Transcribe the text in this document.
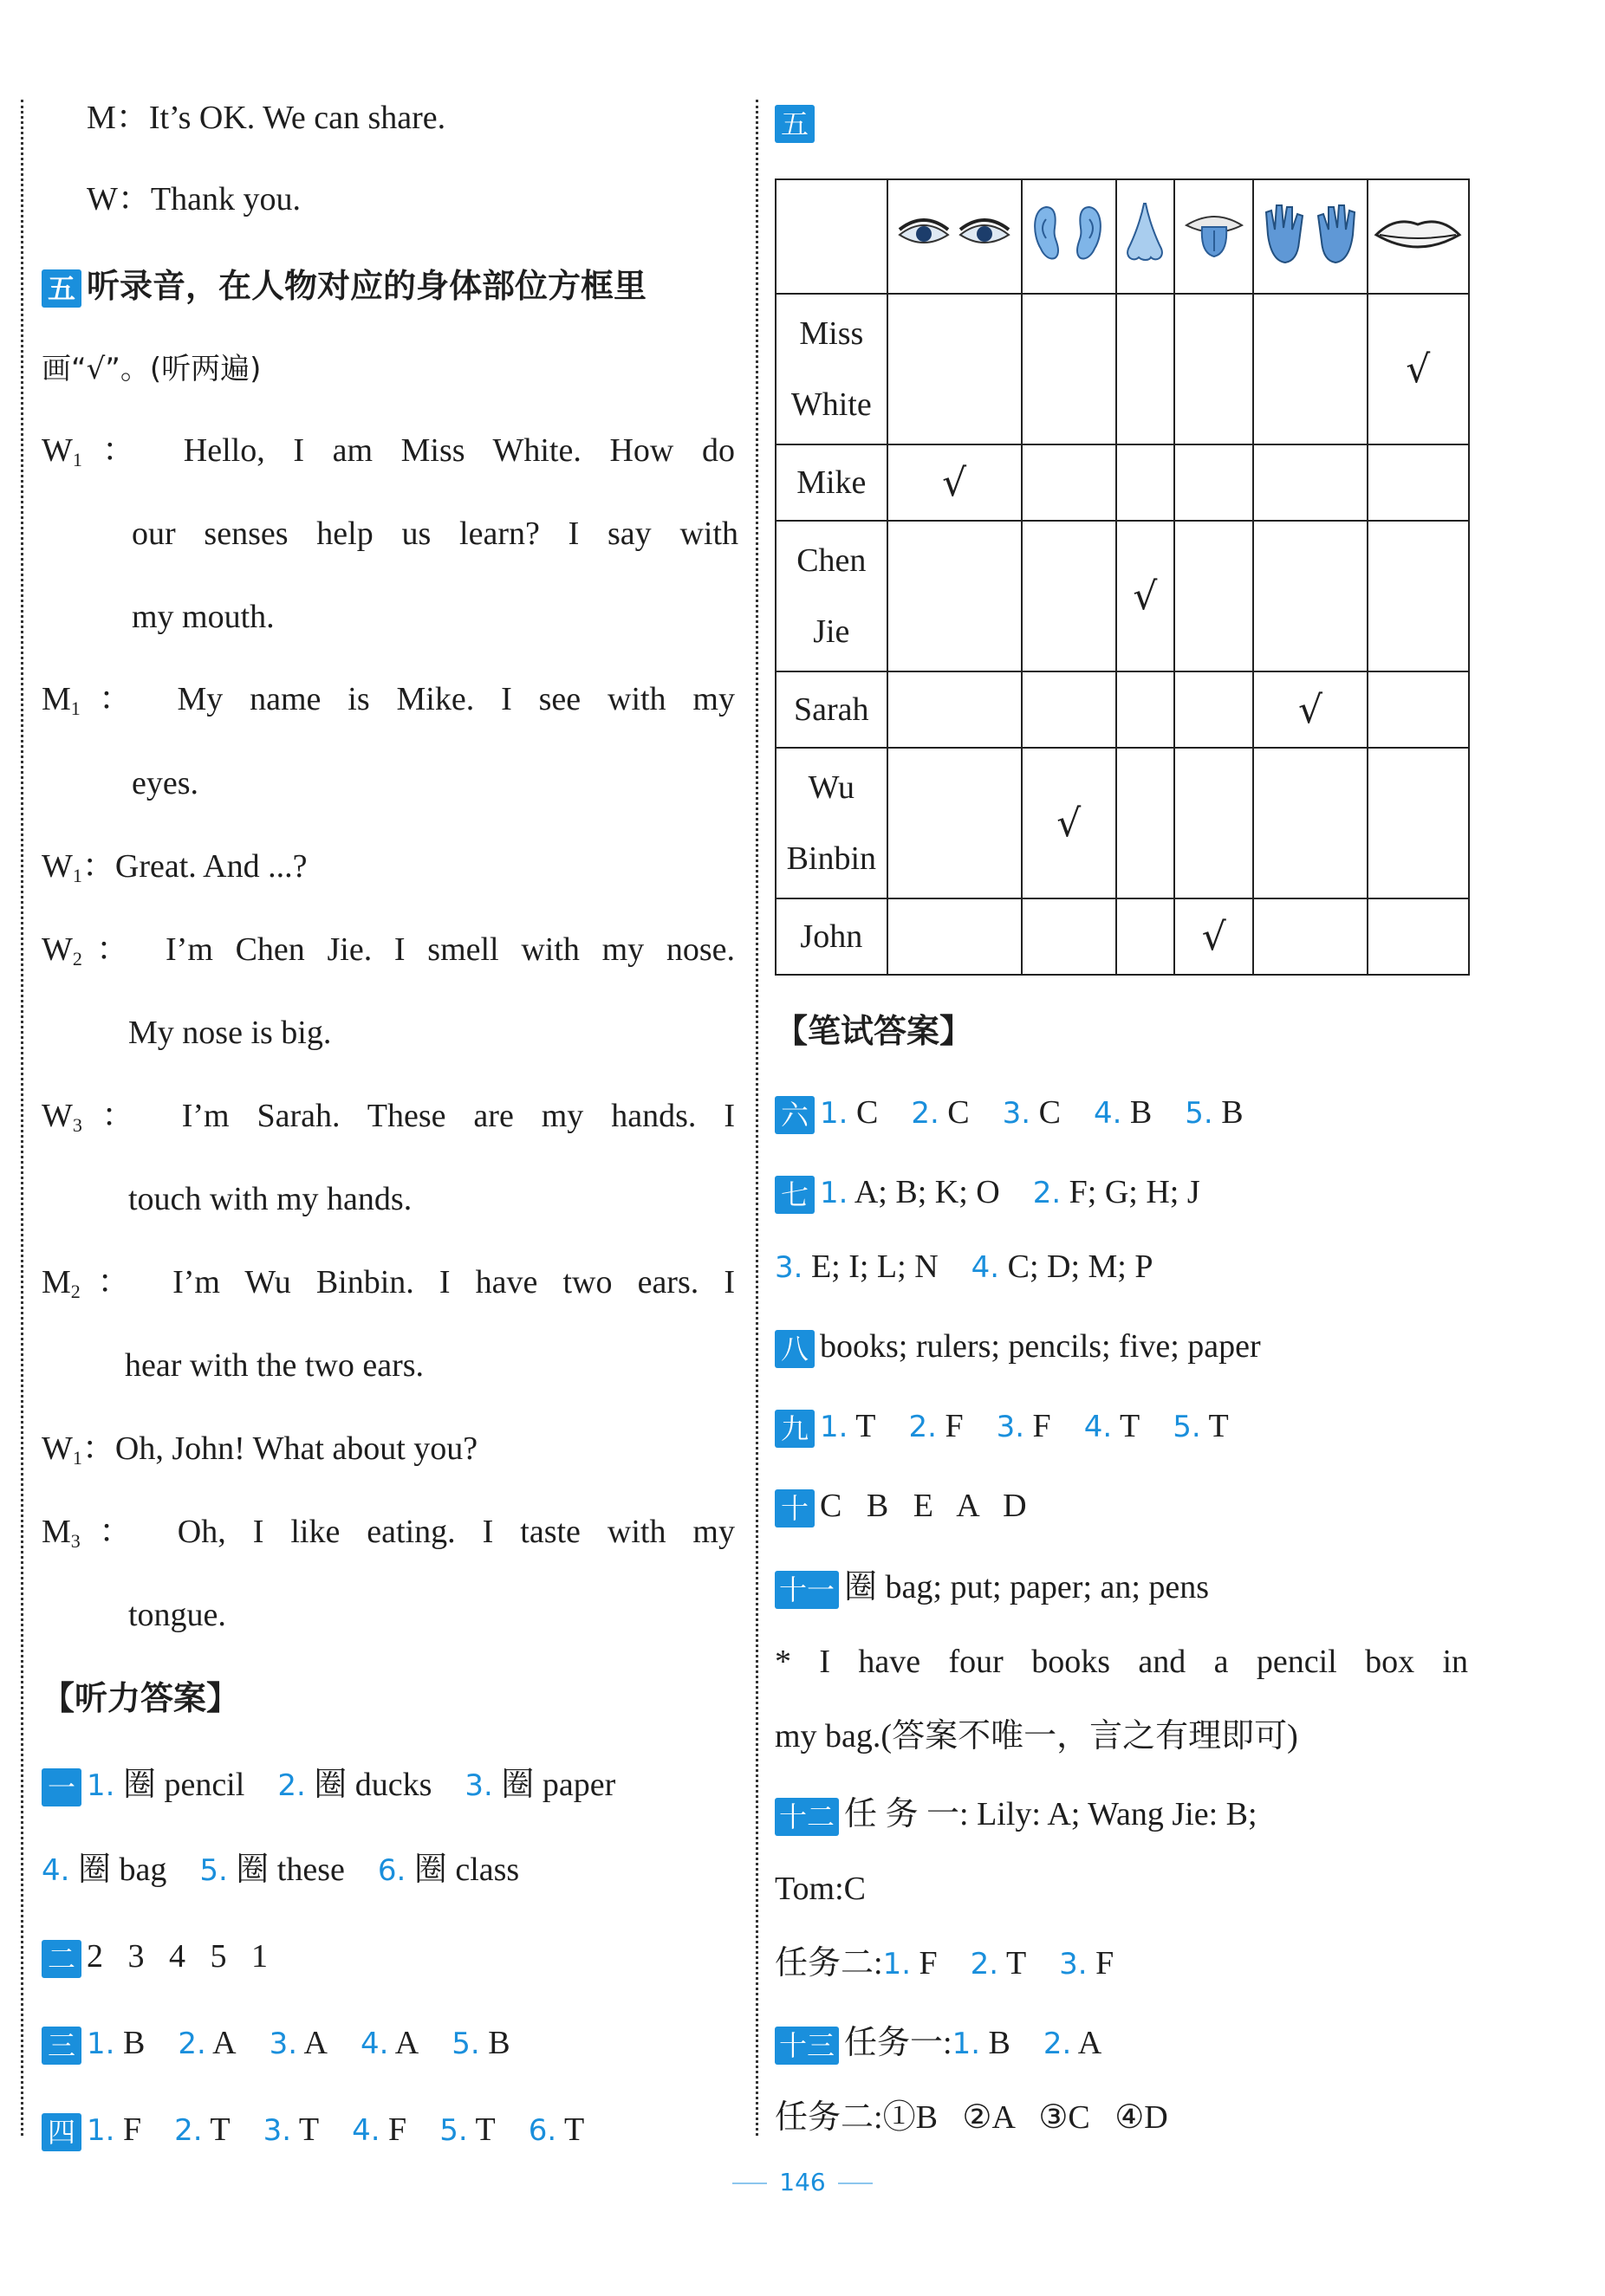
M：It’s OK. We can share.
W：Thank you.
五 听录音，在人物对应的身体部位方框里
画“√”。(听两遍)
$W_1$： Hello, I am Miss White. How do
our senses help us learn? I say with
my mouth.
$M_1$： My name is Mike. I see with my
eyes.
$W_1$：Great. And ...?
$W_2$： I’m Chen Jie. I smell with my nose.
My nose is big.
$W_3$： I’m Sarah. These are my hands. I
touch with my hands.
$M_2$： I’m Wu Binbin. I have two ears. I
hear with the two ears.
$W_1$：Oh, John! What about you?
$M_3$： Oh, I like eating. I taste with my
tongue.
【听力答案】
一 1. 圈 pencil 2. 圈 ducks 3. 圈 paper
4. 圈 bag 5. 圈 these 6. 圈 class
二 2   3   4   5   1
三 1. B 2. A 3. A 4. A 5. B
四 1. F 2. T 3. T 4. F 5. T 6. T
五

Miss
White						√

Mike	√					

Chen
Jie			√			

Sarah					√	

Wu
Binbin		√				

John				√		
【笔试答案】
六 1. C 2. C 3. C 4. B 5. B
七 1. A; B; K; O 2. F; G; H; J
3. E; I; L; N 4. C; D; M; P
八 books; rulers; pencils; five; paper
九 1. T 2. F 3. F 4. T 5. T
十 C   B   E   A   D
十一 圈 bag; put; paper; an; pens
* I have four books and a pencil box in
my bag.(答案不唯一，言之有理即可)
十二 任 务 一: Lily: A; Wang Jie: B;
Tom:C
任务二:1. F 2. T 3. F
十三 任务一:1. B 2. A
任务二:①B   ②A   ③C   ④D
146
